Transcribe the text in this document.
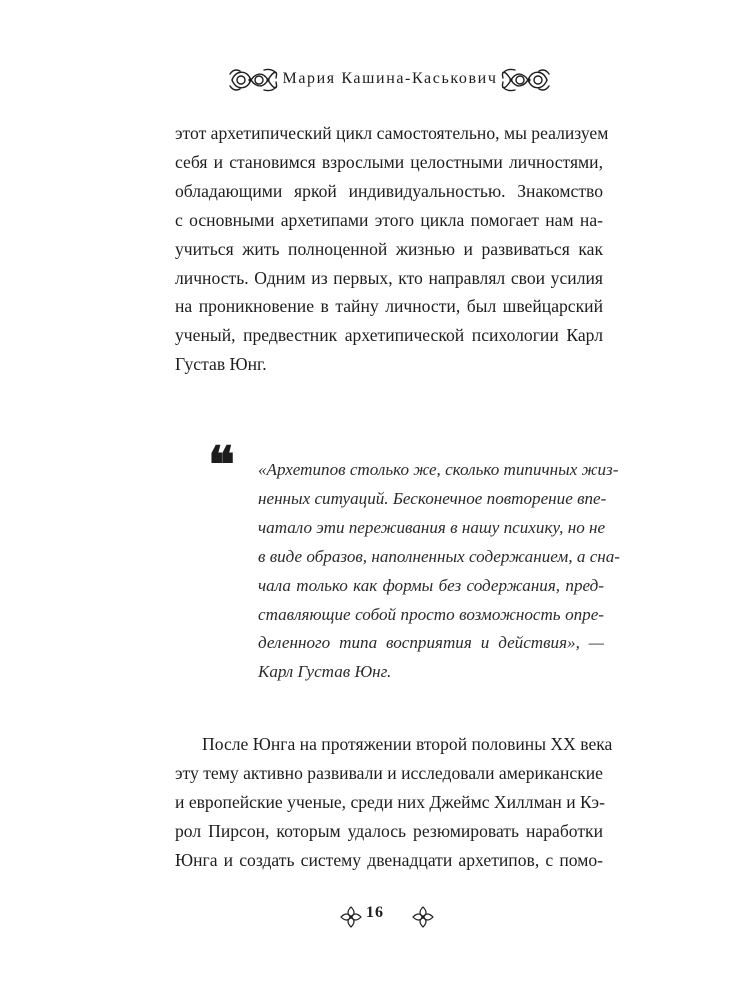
Мария Кашина-Каськович
этот архетипический цикл самостоятельно, мы реализуем
себя и становимся взрослыми целостными личностями,
обладающими яркой индивидуальностью. Знакомство
с основными архетипами этого цикла помогает нам на-
учиться жить полноценной жизнью и развиваться как
личность. Одним из первых, кто направлял свои усилия
на проникновение в тайну личности, был швейцарский
ученый, предвестник архетипической психологии Карл
Густав Юнг.
❝ «Архетипов столько же, сколько типичных жиз-
ненных ситуаций. Бесконечное повторение впе-
чатало эти переживания в нашу психику, но не
в виде образов, наполненных содержанием, а сна-
чала только как формы без содержания, пред-
ставляющие собой просто возможность опре-
деленного типа восприятия и действия», —
Карл Густав Юнг.
После Юнга на протяжении второй половины XX века
эту тему активно развивали и исследовали американские
и европейские ученые, среди них Джеймс Хиллман и Кэ-
рол Пирсон, которым удалось резюмировать наработки
Юнга и создать систему двенадцати архетипов, с помо-
16
